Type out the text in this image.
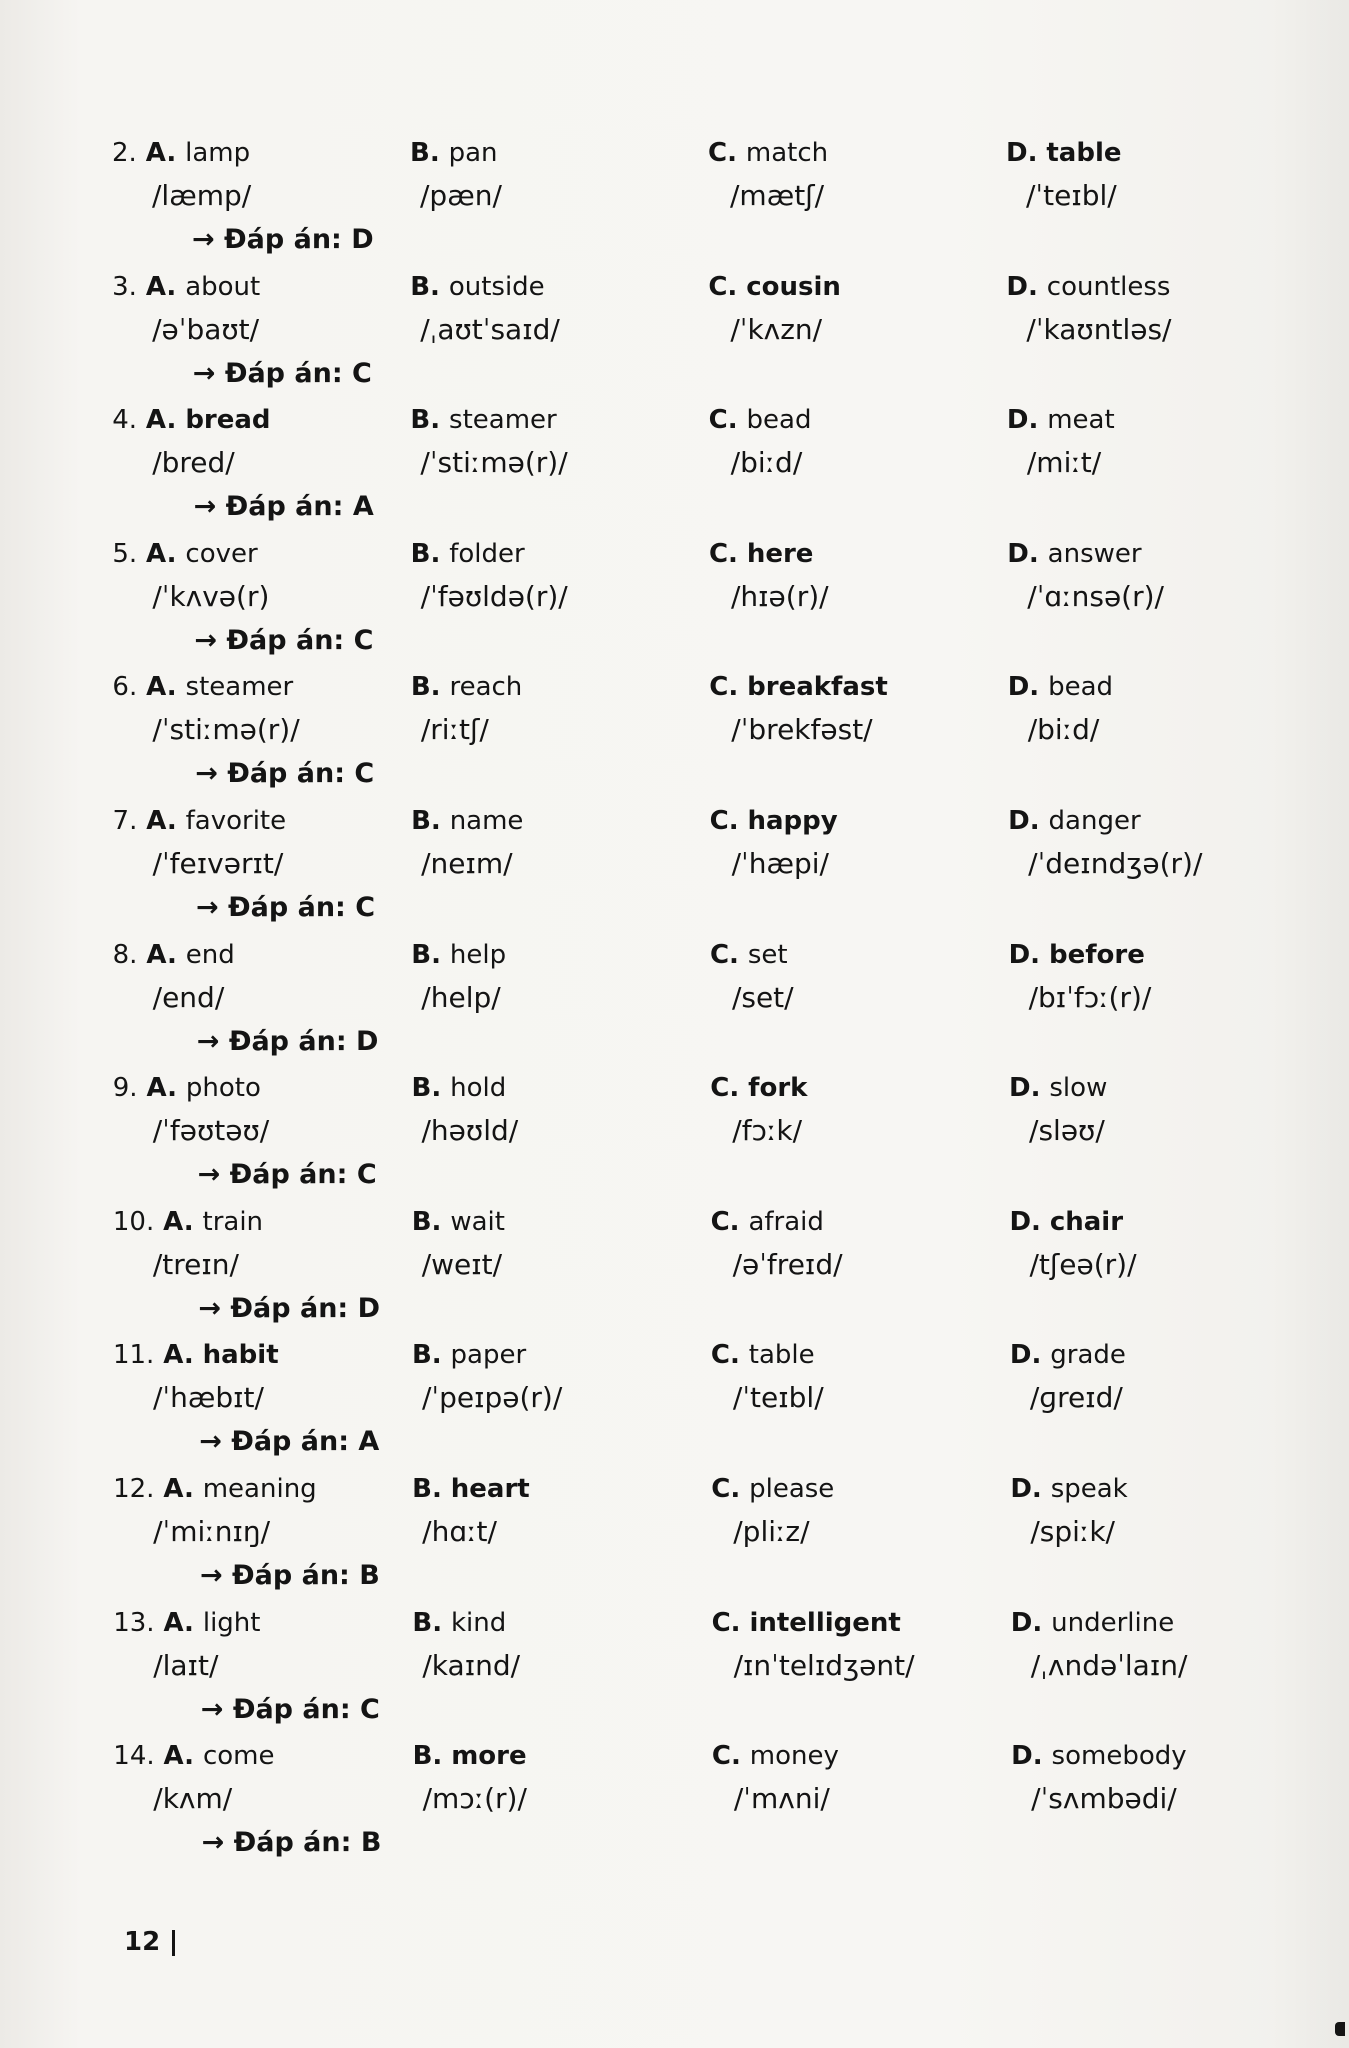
2. A. lamp	B. pan	C. match	D. table
/læmp/	/pæn/	/mætʃ/	/ˈteɪbl/
→ Đáp án: D
3. A. about	B. outside	C. cousin	D. countless
/əˈbaʊt/	/ˌaʊtˈsaɪd/	/ˈkʌzn/	/ˈkaʊntləs/
→ Đáp án: C
4. A. bread	B. steamer	C. bead	D. meat
/bred/	/ˈstiːmə(r)/	/biːd/	/miːt/
→ Đáp án: A
5. A. cover	B. folder	C. here	D. answer
/ˈkʌvə(r)	/ˈfəʊldə(r)/	/hɪə(r)/	/ˈɑːnsə(r)/
→ Đáp án: C
6. A. steamer	B. reach	C. breakfast	D. bead
/ˈstiːmə(r)/	/riːtʃ/	/ˈbrekfəst/	/biːd/
→ Đáp án: C
7. A. favorite	B. name	C. happy	D. danger
/ˈfeɪvərɪt/	/neɪm/	/ˈhæpi/	/ˈdeɪndʒə(r)/
→ Đáp án: C
8. A. end	B. help	C. set	D. before
/end/	/help/	/set/	/bɪˈfɔː(r)/
→ Đáp án: D
9. A. photo	B. hold	C. fork	D. slow
/ˈfəʊtəʊ/	/həʊld/	/fɔːk/	/sləʊ/
→ Đáp án: C
10. A. train	B. wait	C. afraid	D. chair
/treɪn/	/weɪt/	/əˈfreɪd/	/tʃeə(r)/
→ Đáp án: D
11. A. habit	B. paper	C. table	D. grade
/ˈhæbɪt/	/ˈpeɪpə(r)/	/ˈteɪbl/	/ɡreɪd/
→ Đáp án: A
12. A. meaning	B. heart	C. please	D. speak
/ˈmiːnɪŋ/	/hɑːt/	/pliːz/	/spiːk/
→ Đáp án: B
13. A. light	B. kind	C. intelligent	D. underline
/laɪt/	/kaɪnd/	/ɪnˈtelɪdʒənt/	/ˌʌndəˈlaɪn/
→ Đáp án: C
14. A. come	B. more	C. money	D. somebody
/kʌm/	/mɔː(r)/	/ˈmʌni/	/ˈsʌmbədi/
→ Đáp án: B
12
